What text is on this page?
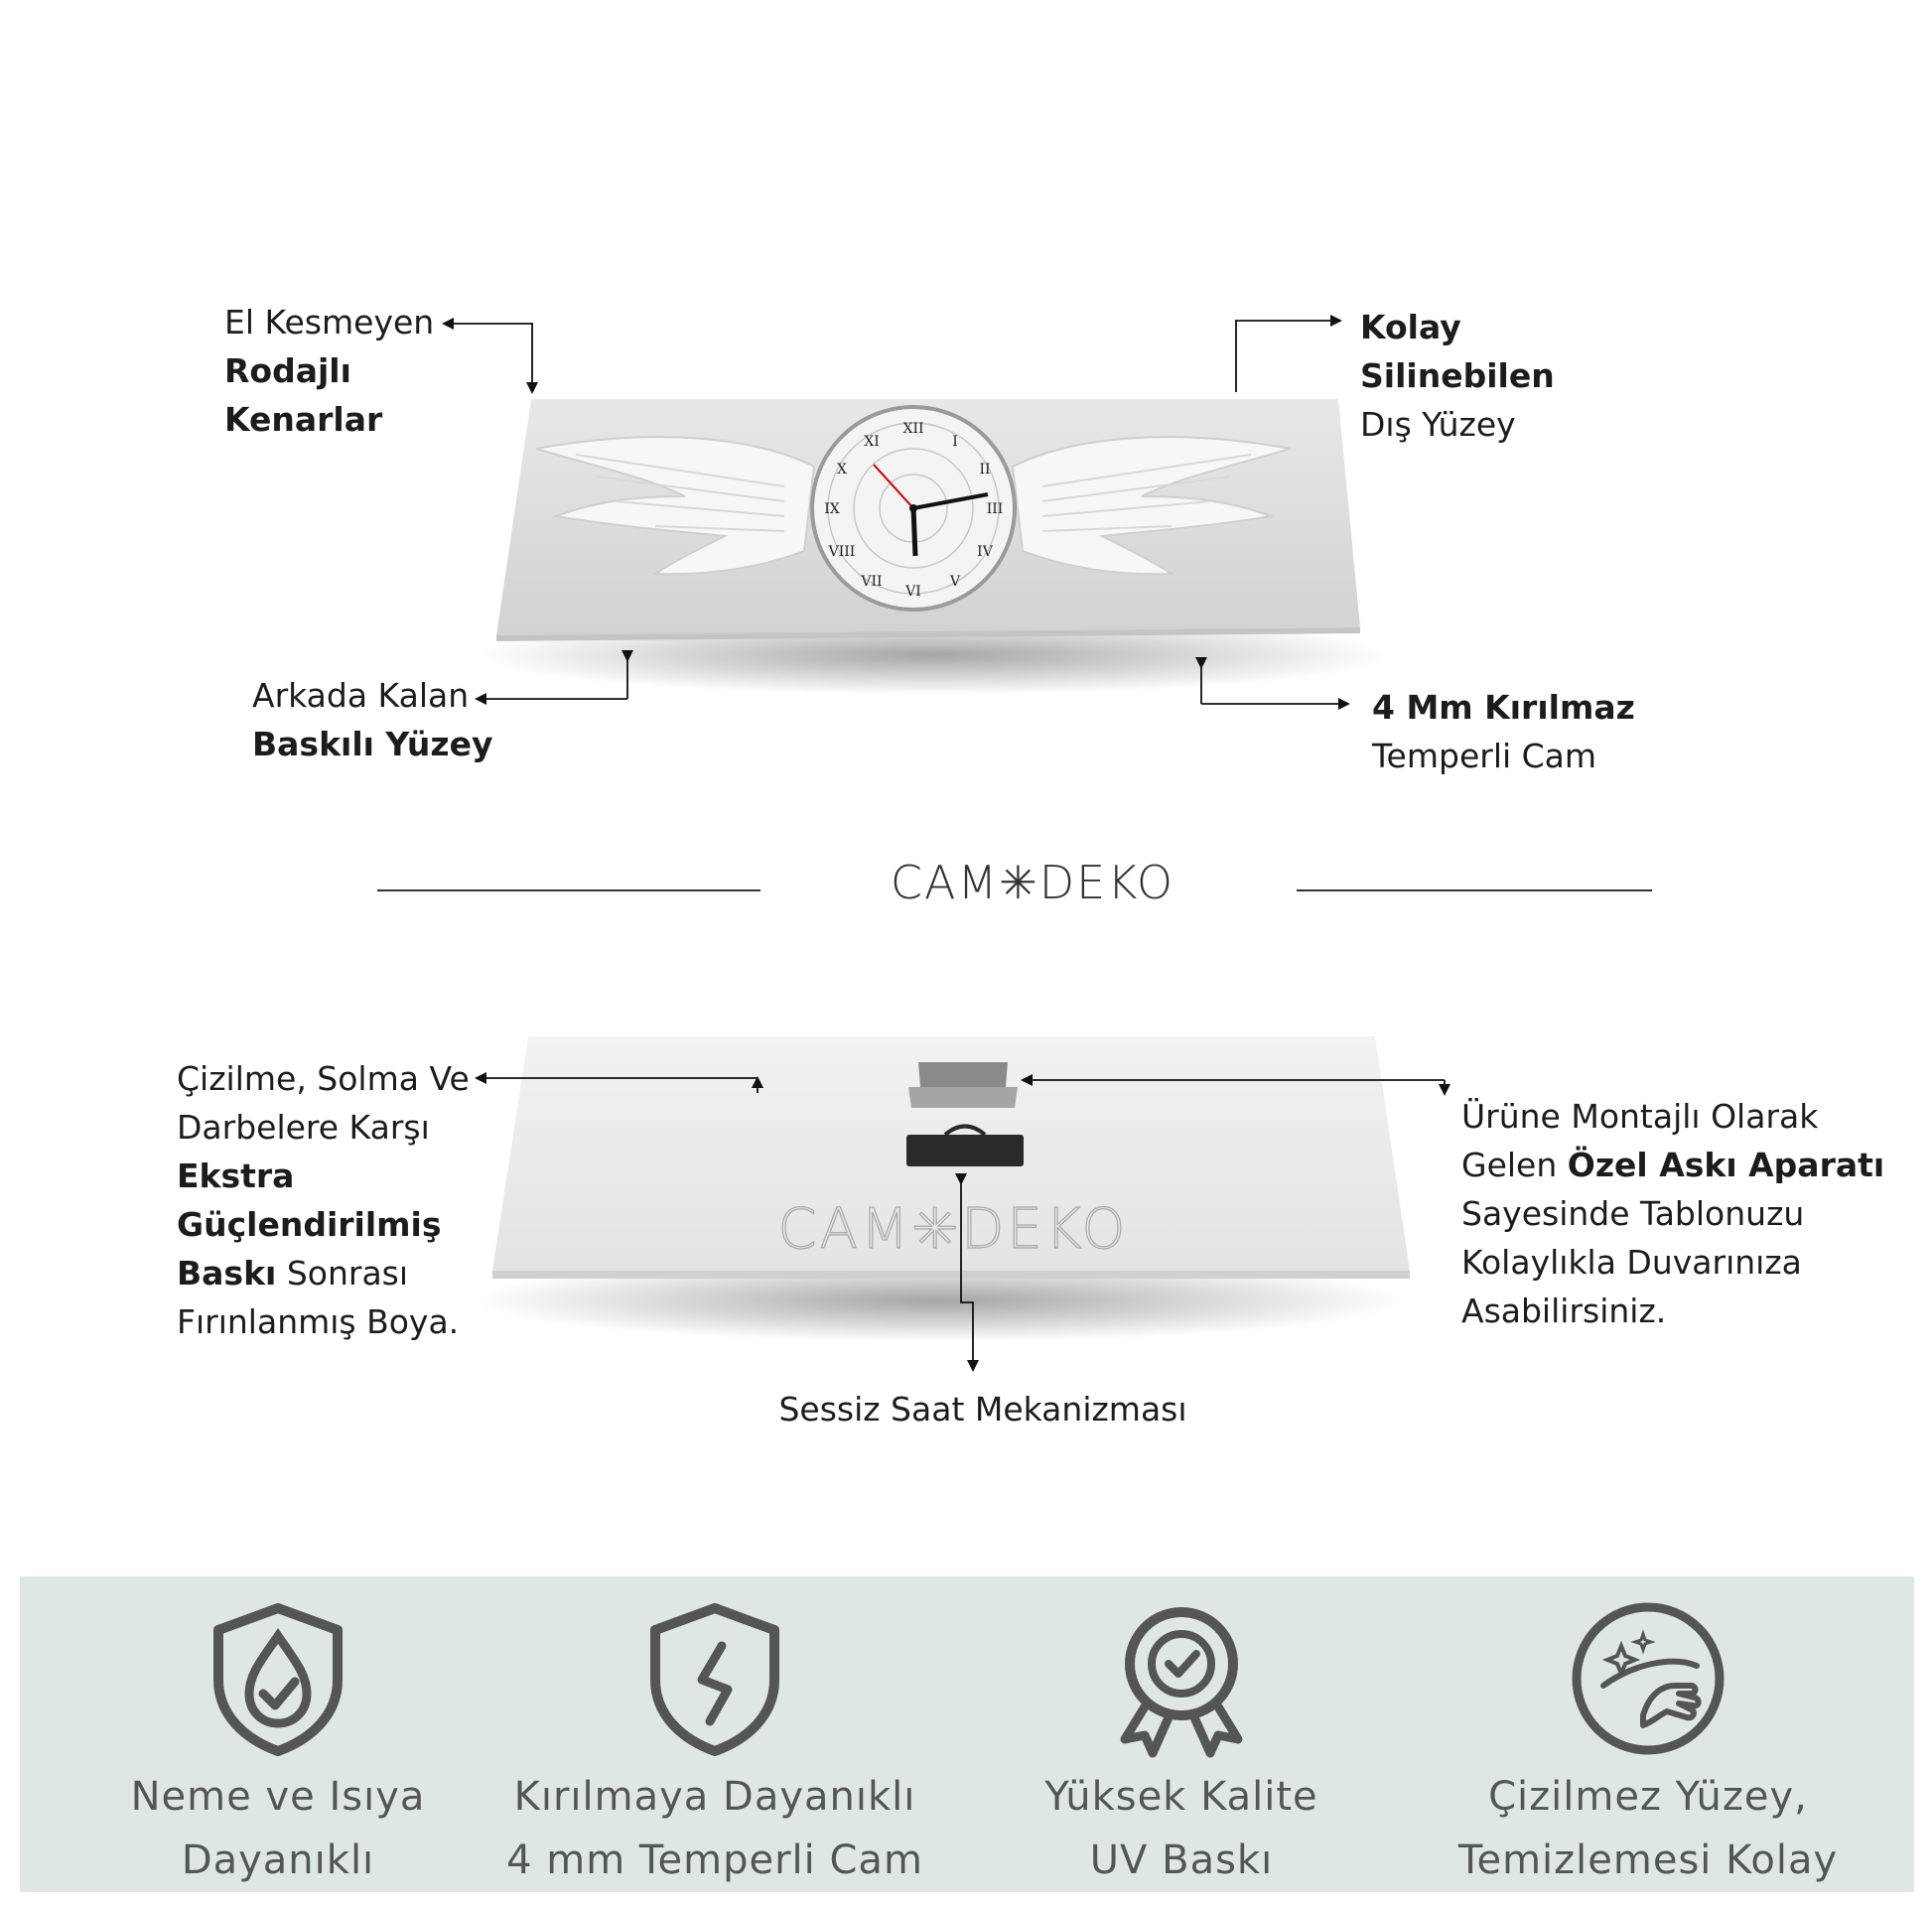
XII
VI
III
IX
I
II
IV
V
VII
VIII
X
XI
CAM✳DEKO
El Kesmeyen
Rodajlı
Kenarlar
Kolay
Silinebilen
Dış Yüzey
Arkada Kalan
Baskılı Yüzey
4 Mm Kırılmaz
Temperli Cam
CAM✳DEKO
Çizilme, Solma Ve
Darbelere Karşı
Ekstra
Güçlendirilmiş
Baskı Sonrası
Fırınlanmış Boya.
Ürüne Montajlı Olarak
Gelen Özel Askı Aparatı
Sayesinde Tablonuzu
Kolaylıkla Duvarınıza
Asabilirsiniz.
Sessiz Saat Mekanizması
Neme ve Isıya
Dayanıklı
Kırılmaya Dayanıklı
4 mm Temperli Cam
Yüksek Kalite
UV Baskı
Çizilmez Yüzey,
Temizlemesi Kolay
